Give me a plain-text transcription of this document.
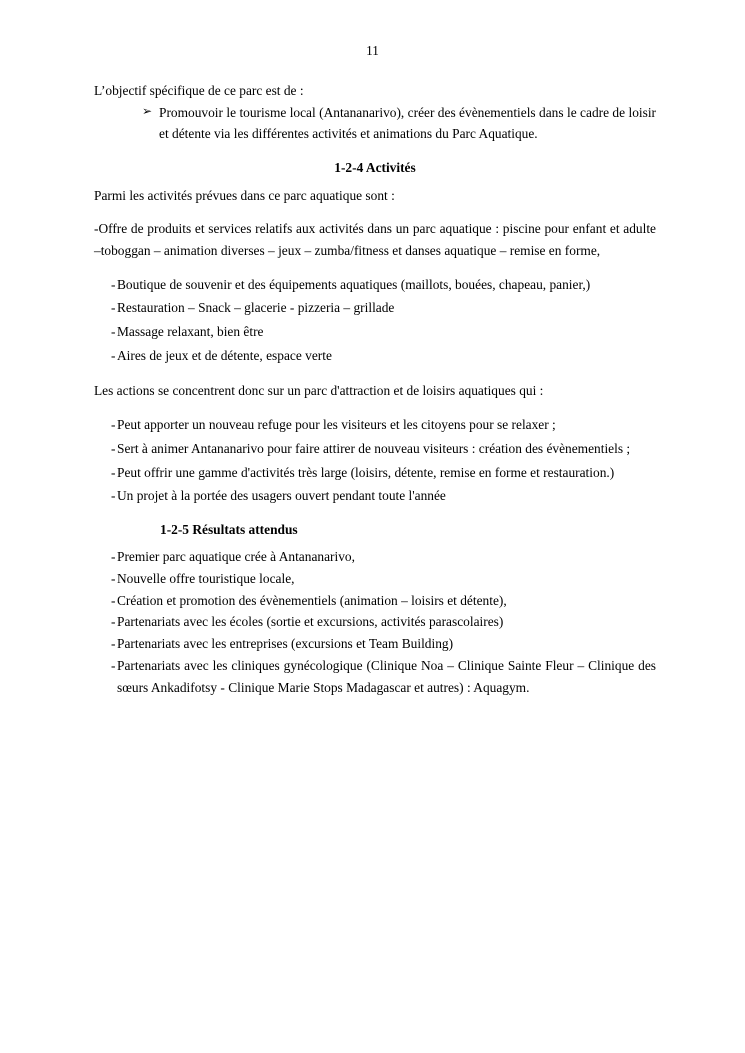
11

L’objectif spécifique de ce parc est de :

➢ Promouvoir le tourisme local (Antananarivo), créer des évènementiels dans le cadre de loisir et détente via les différentes activités et animations du Parc Aquatique.
1-2-4 Activités

Parmi les activités prévues dans ce parc aquatique sont :

-Offre de produits et services relatifs aux activités dans un parc aquatique : piscine pour enfant et adulte –toboggan – animation diverses – jeux – zumba/fitness et danses aquatique – remise en forme,

- Boutique de souvenir et des équipements aquatiques (maillots, bouées, chapeau, panier,)
- Restauration – Snack – glacerie - pizzeria – grillade
- Massage relaxant, bien être
- Aires de jeux et de détente, espace verte

Les actions se concentrent donc sur un parc d'attraction et de loisirs aquatiques qui :

- Peut apporter un nouveau refuge pour les visiteurs et les citoyens pour se relaxer ;
- Sert à animer Antananarivo pour faire attirer de nouveau visiteurs : création des évènementiels ;
- Peut offrir une gamme d'activités très large (loisirs, détente, remise en forme et restauration.)
- Un projet à la portée des usagers ouvert pendant toute l'année
1-2-5 Résultats attendus
- Premier parc aquatique crée à Antananarivo,
- Nouvelle offre touristique locale,
- Création et promotion des évènementiels (animation – loisirs et détente),
- Partenariats avec les écoles (sortie et excursions, activités parascolaires)
- Partenariats avec les entreprises (excursions et Team Building)
- Partenariats avec les cliniques gynécologique (Clinique Noa – Clinique Sainte Fleur – Clinique des sœurs Ankadifotsy - Clinique Marie Stops Madagascar et autres) : Aquagym.
